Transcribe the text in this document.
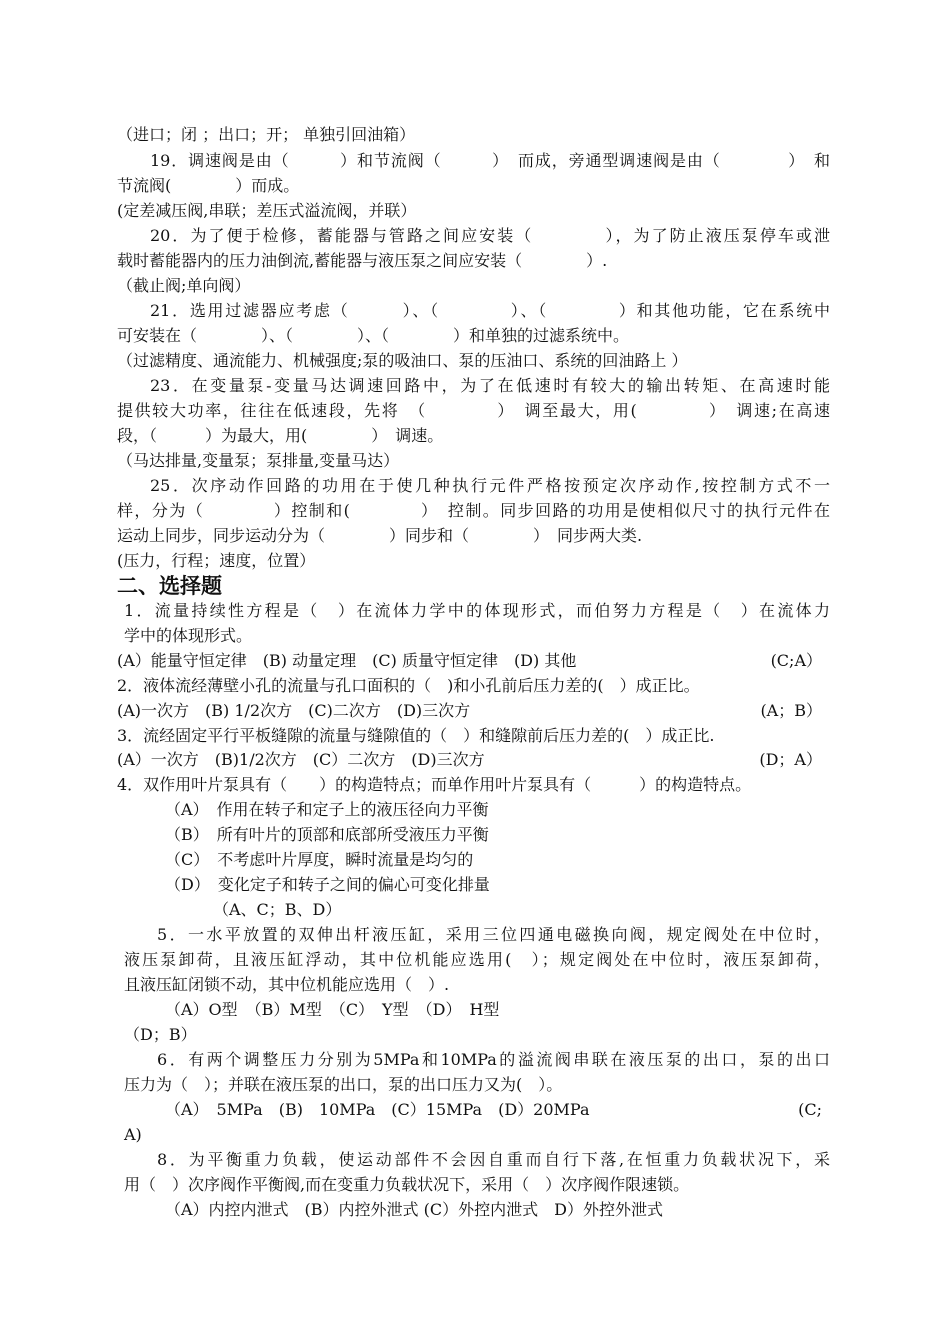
（进口；闭 ；出口；开； 单独引回油箱）
19．调速阀是由（　　　）和节流阀（　　　）　而成，旁通型调速阀是由（　　　　）　和
节流阀(　　　　）而成。
(定差减压阀,串联；差压式溢流阀，并联）
20．为了便于检修，蓄能器与管路之间应安装（　　　　），为了防止液压泵停车或泄
载时蓄能器内的压力油倒流,蓄能器与液压泵之间应安装（　　　　）.
（截止阀;单向阀）
21．选用过滤器应考虑（　　　）、（　　　　）、（　　　　）和其他功能，它在系统中
可安装在（　　　　）、（　　　　）、（　　　　）和单独的过滤系统中。
（过滤精度、通流能力、机械强度;泵的吸油口、泵的压油口、系统的回油路上 ）
23．在变量泵-变量马达调速回路中，为了在低速时有较大的输出转矩、在高速时能
提供较大功率，往往在低速段，先将　（　　　　）　调至最大，用(　　　　）　调速;在高速
段，（　　　）为最大，用(　　　　）　调速。
（马达排量,变量泵；泵排量,变量马达）
25．次序动作回路的功用在于使几种执行元件严格按预定次序动作,按控制方式不一
样，分为（　　　　）控制和(　　　　）　控制。同步回路的功用是使相似尺寸的执行元件在
运动上同步，同步运动分为（　　　　）同步和（　　　　）　同步两大类.
(压力，行程；速度，位置）
二、选择题
1．流量持续性方程是（　）在流体力学中的体现形式，而伯努力方程是（　）在流体力
学中的体现形式。
(A）能量守恒定律　(B) 动量定理　(C) 质量守恒定律　(D) 其他	(C;A）
2．液体流经薄壁小孔的流量与孔口面积的（　)和小孔前后压力差的(　）成正比。
(A)一次方　(B) 1/2次方　(C)二次方　(D)三次方	(A；B）
3．流经固定平行平板缝隙的流量与缝隙值的（　）和缝隙前后压力差的(　）成正比.
(A）一次方　(B)1/2次方　(C）二次方　(D)三次方	(D；A）
4．双作用叶片泵具有（　　）的构造特点；而单作用叶片泵具有（　　　）的构造特点。
（A）　作用在转子和定子上的液压径向力平衡
（B）　所有叶片的顶部和底部所受液压力平衡
（C）　不考虑叶片厚度，瞬时流量是均匀的
（D）　变化定子和转子之间的偏心可变化排量
（A、C；B、D）
5．一水平放置的双伸出杆液压缸，采用三位四通电磁换向阀，规定阀处在中位时，
液压泵卸荷，且液压缸浮动，其中位机能应选用(　）；规定阀处在中位时，液压泵卸荷，
且液压缸闭锁不动，其中位机能应选用（　）.
（A）O型　（B）M型　（C）　Y型　（D）　H型
（D；B）
6．有两个调整压力分别为5MPa和10MPa的溢流阀串联在液压泵的出口，泵的出口
压力为（　）；并联在液压泵的出口，泵的出口压力又为(　）。
（A）　5MPa　(B)　10MPa　(C）15MPa　(D）20MPa	(C;
A)
8．为平衡重力负载，使运动部件不会因自重而自行下落,在恒重力负载状况下，采
用（　）次序阀作平衡阀,而在变重力负载状况下，采用（　）次序阀作限速锁。
（A）内控内泄式　(B）内控外泄式 (C）外控内泄式　D）外控外泄式
